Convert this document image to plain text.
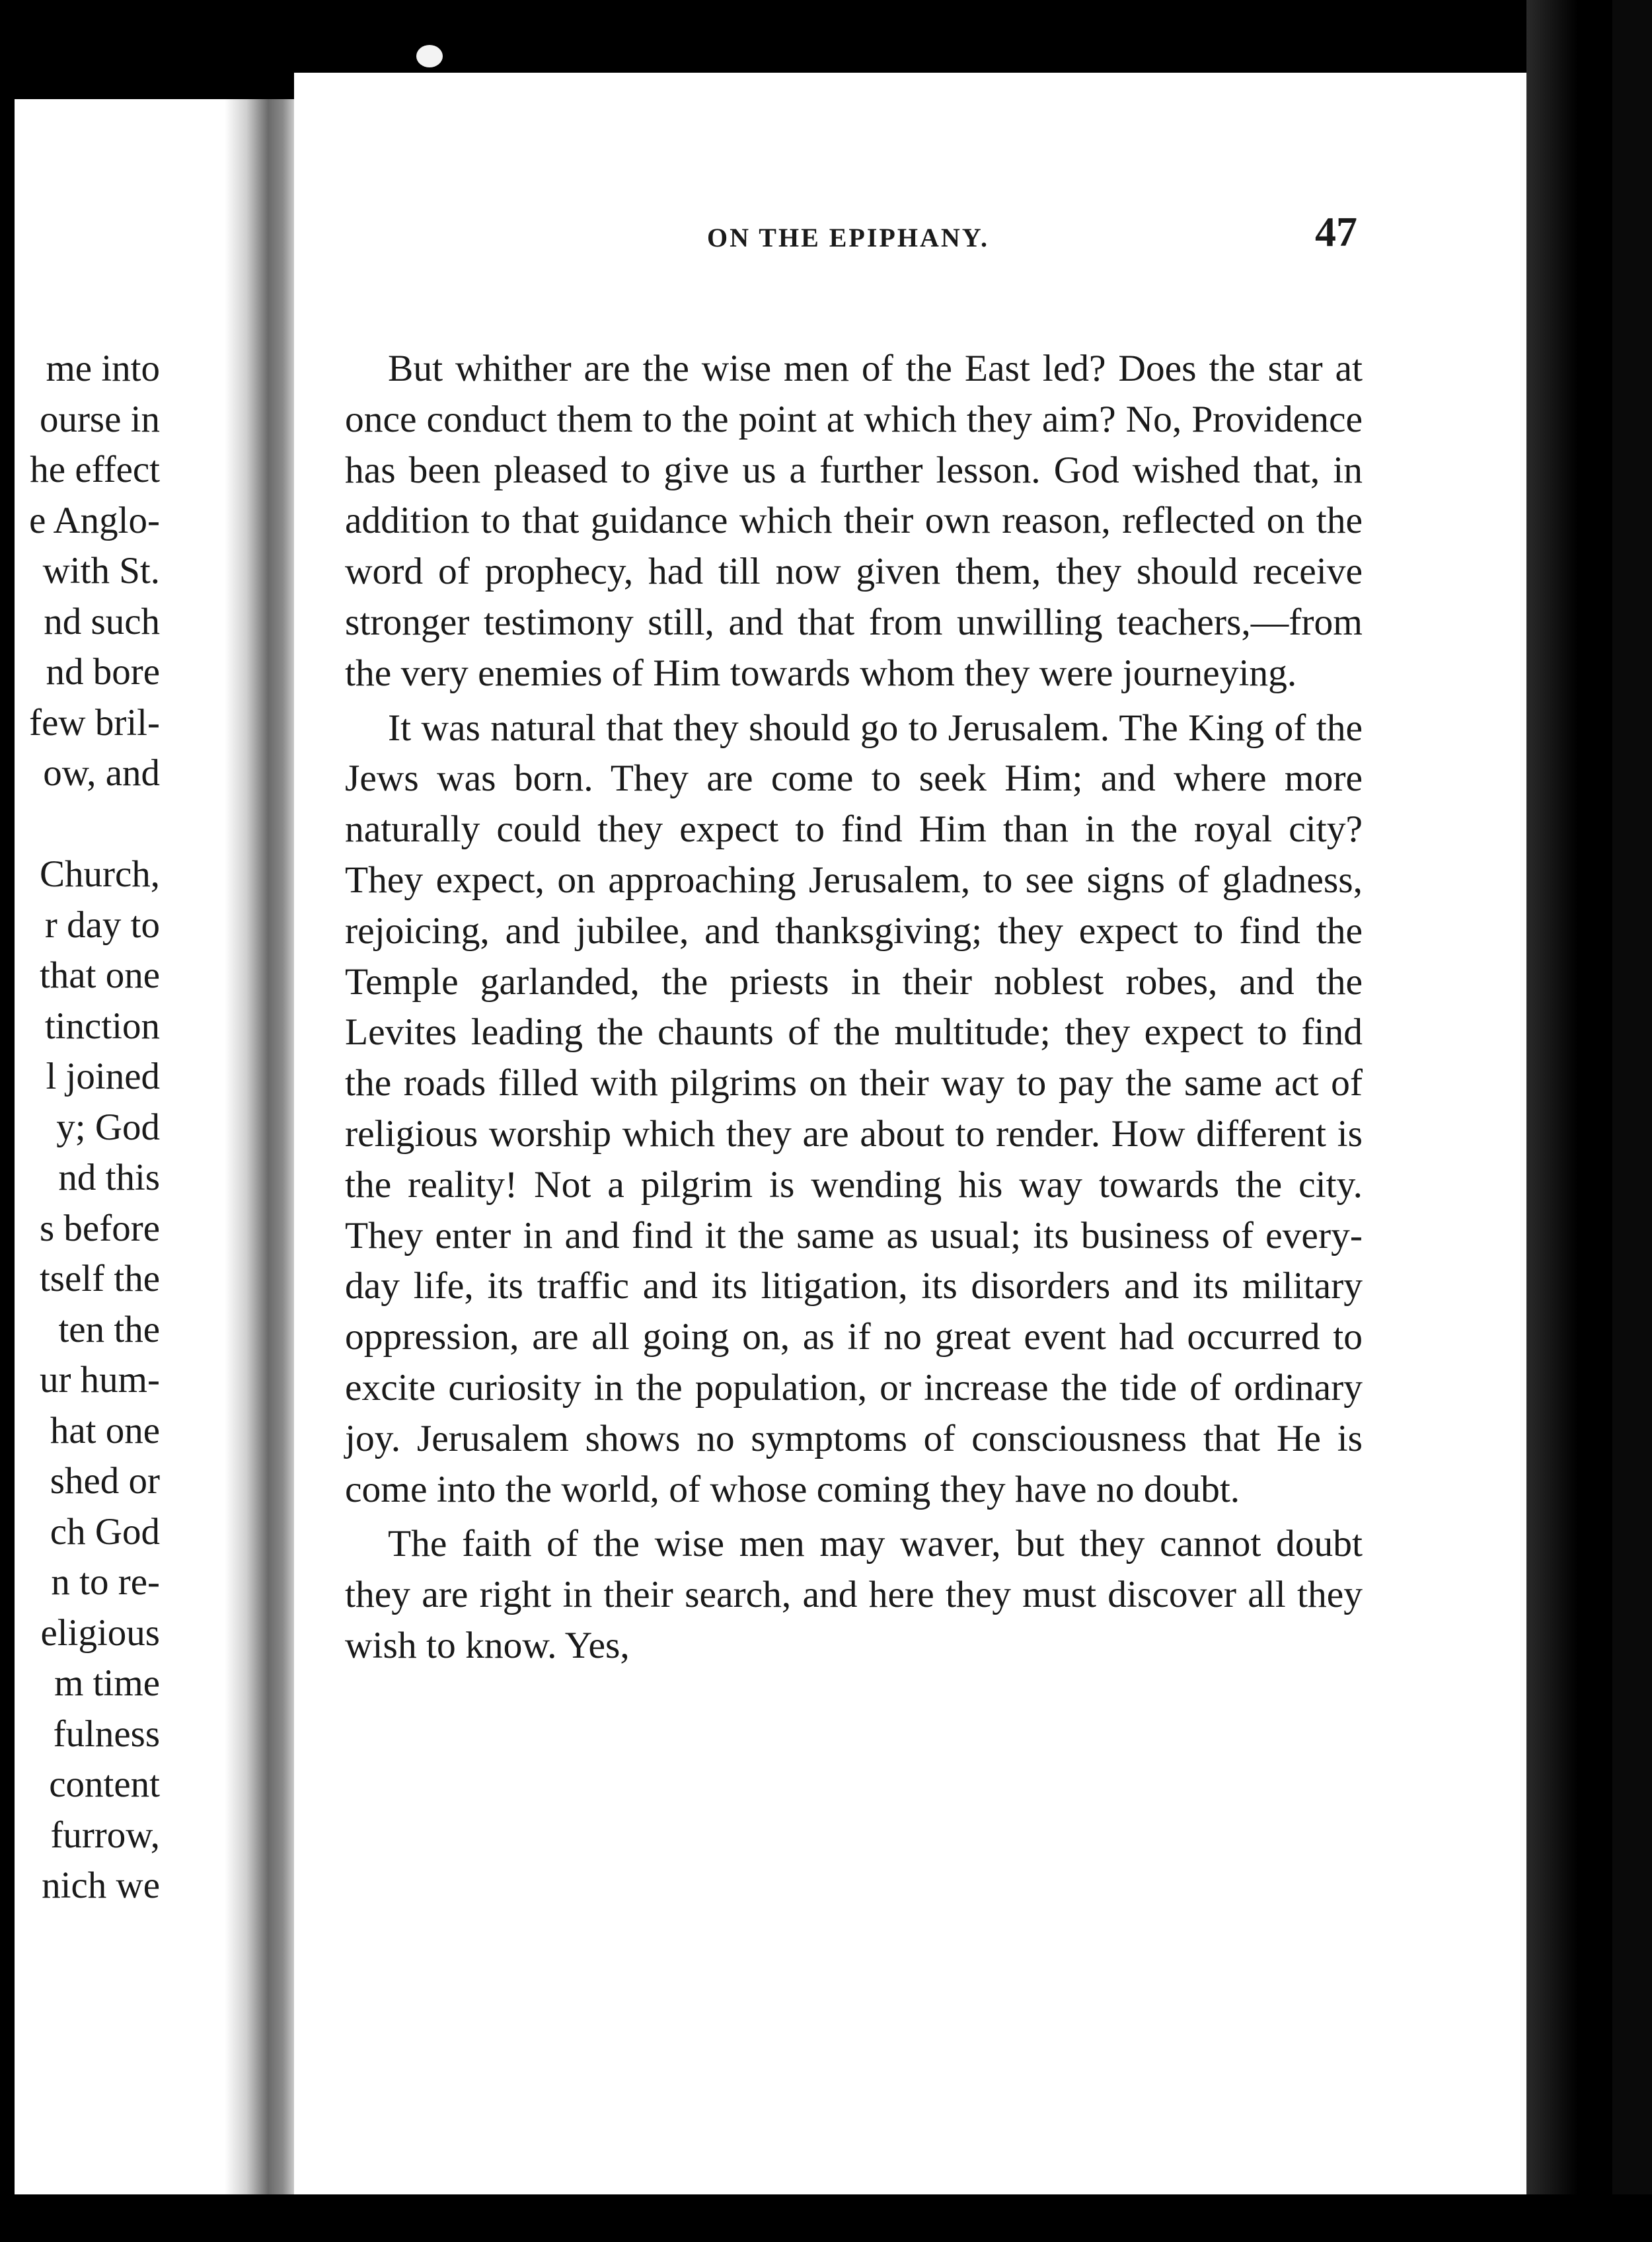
me into
ourse in
he effect
e Anglo-
with St.
nd such
nd bore
few bril-
ow, and
Church,
r day to
that one
tinction
l joined
y; God
nd this
s before
tself the
ten the
ur hum-
hat one
shed or
ch God
n to re-
eligious
m time
fulness
content
furrow,
nich we
ON THE EPIPHANY.	47

But whither are the wise men of the East led? Does the star at once conduct them to the point at which they aim? No, Providence has been pleased to give us a further lesson. God wished that, in addition to that guidance which their own reason, reflected on the word of prophecy, had till now given them, they should receive stronger testimony still, and that from unwilling teachers,—from the very enemies of Him towards whom they were journeying.

It was natural that they should go to Jerusalem. The King of the Jews was born. They are come to seek Him; and where more naturally could they expect to find Him than in the royal city? They expect, on approaching Jerusalem, to see signs of gladness, rejoicing, and jubilee, and thanksgiving; they expect to find the Temple garlanded, the priests in their noblest robes, and the Levites leading the chaunts of the multitude; they expect to find the roads filled with pilgrims on their way to pay the same act of religious worship which they are about to render. How different is the reality! Not a pilgrim is wending his way towards the city. They enter in and find it the same as usual; its business of every-day life, its traffic and its litigation, its disorders and its military oppression, are all going on, as if no great event had occurred to excite curiosity in the population, or increase the tide of ordinary joy. Jerusalem shows no symptoms of consciousness that He is come into the world, of whose coming they have no doubt.

The faith of the wise men may waver, but they cannot doubt they are right in their search, and here they must discover all they wish to know. Yes,
